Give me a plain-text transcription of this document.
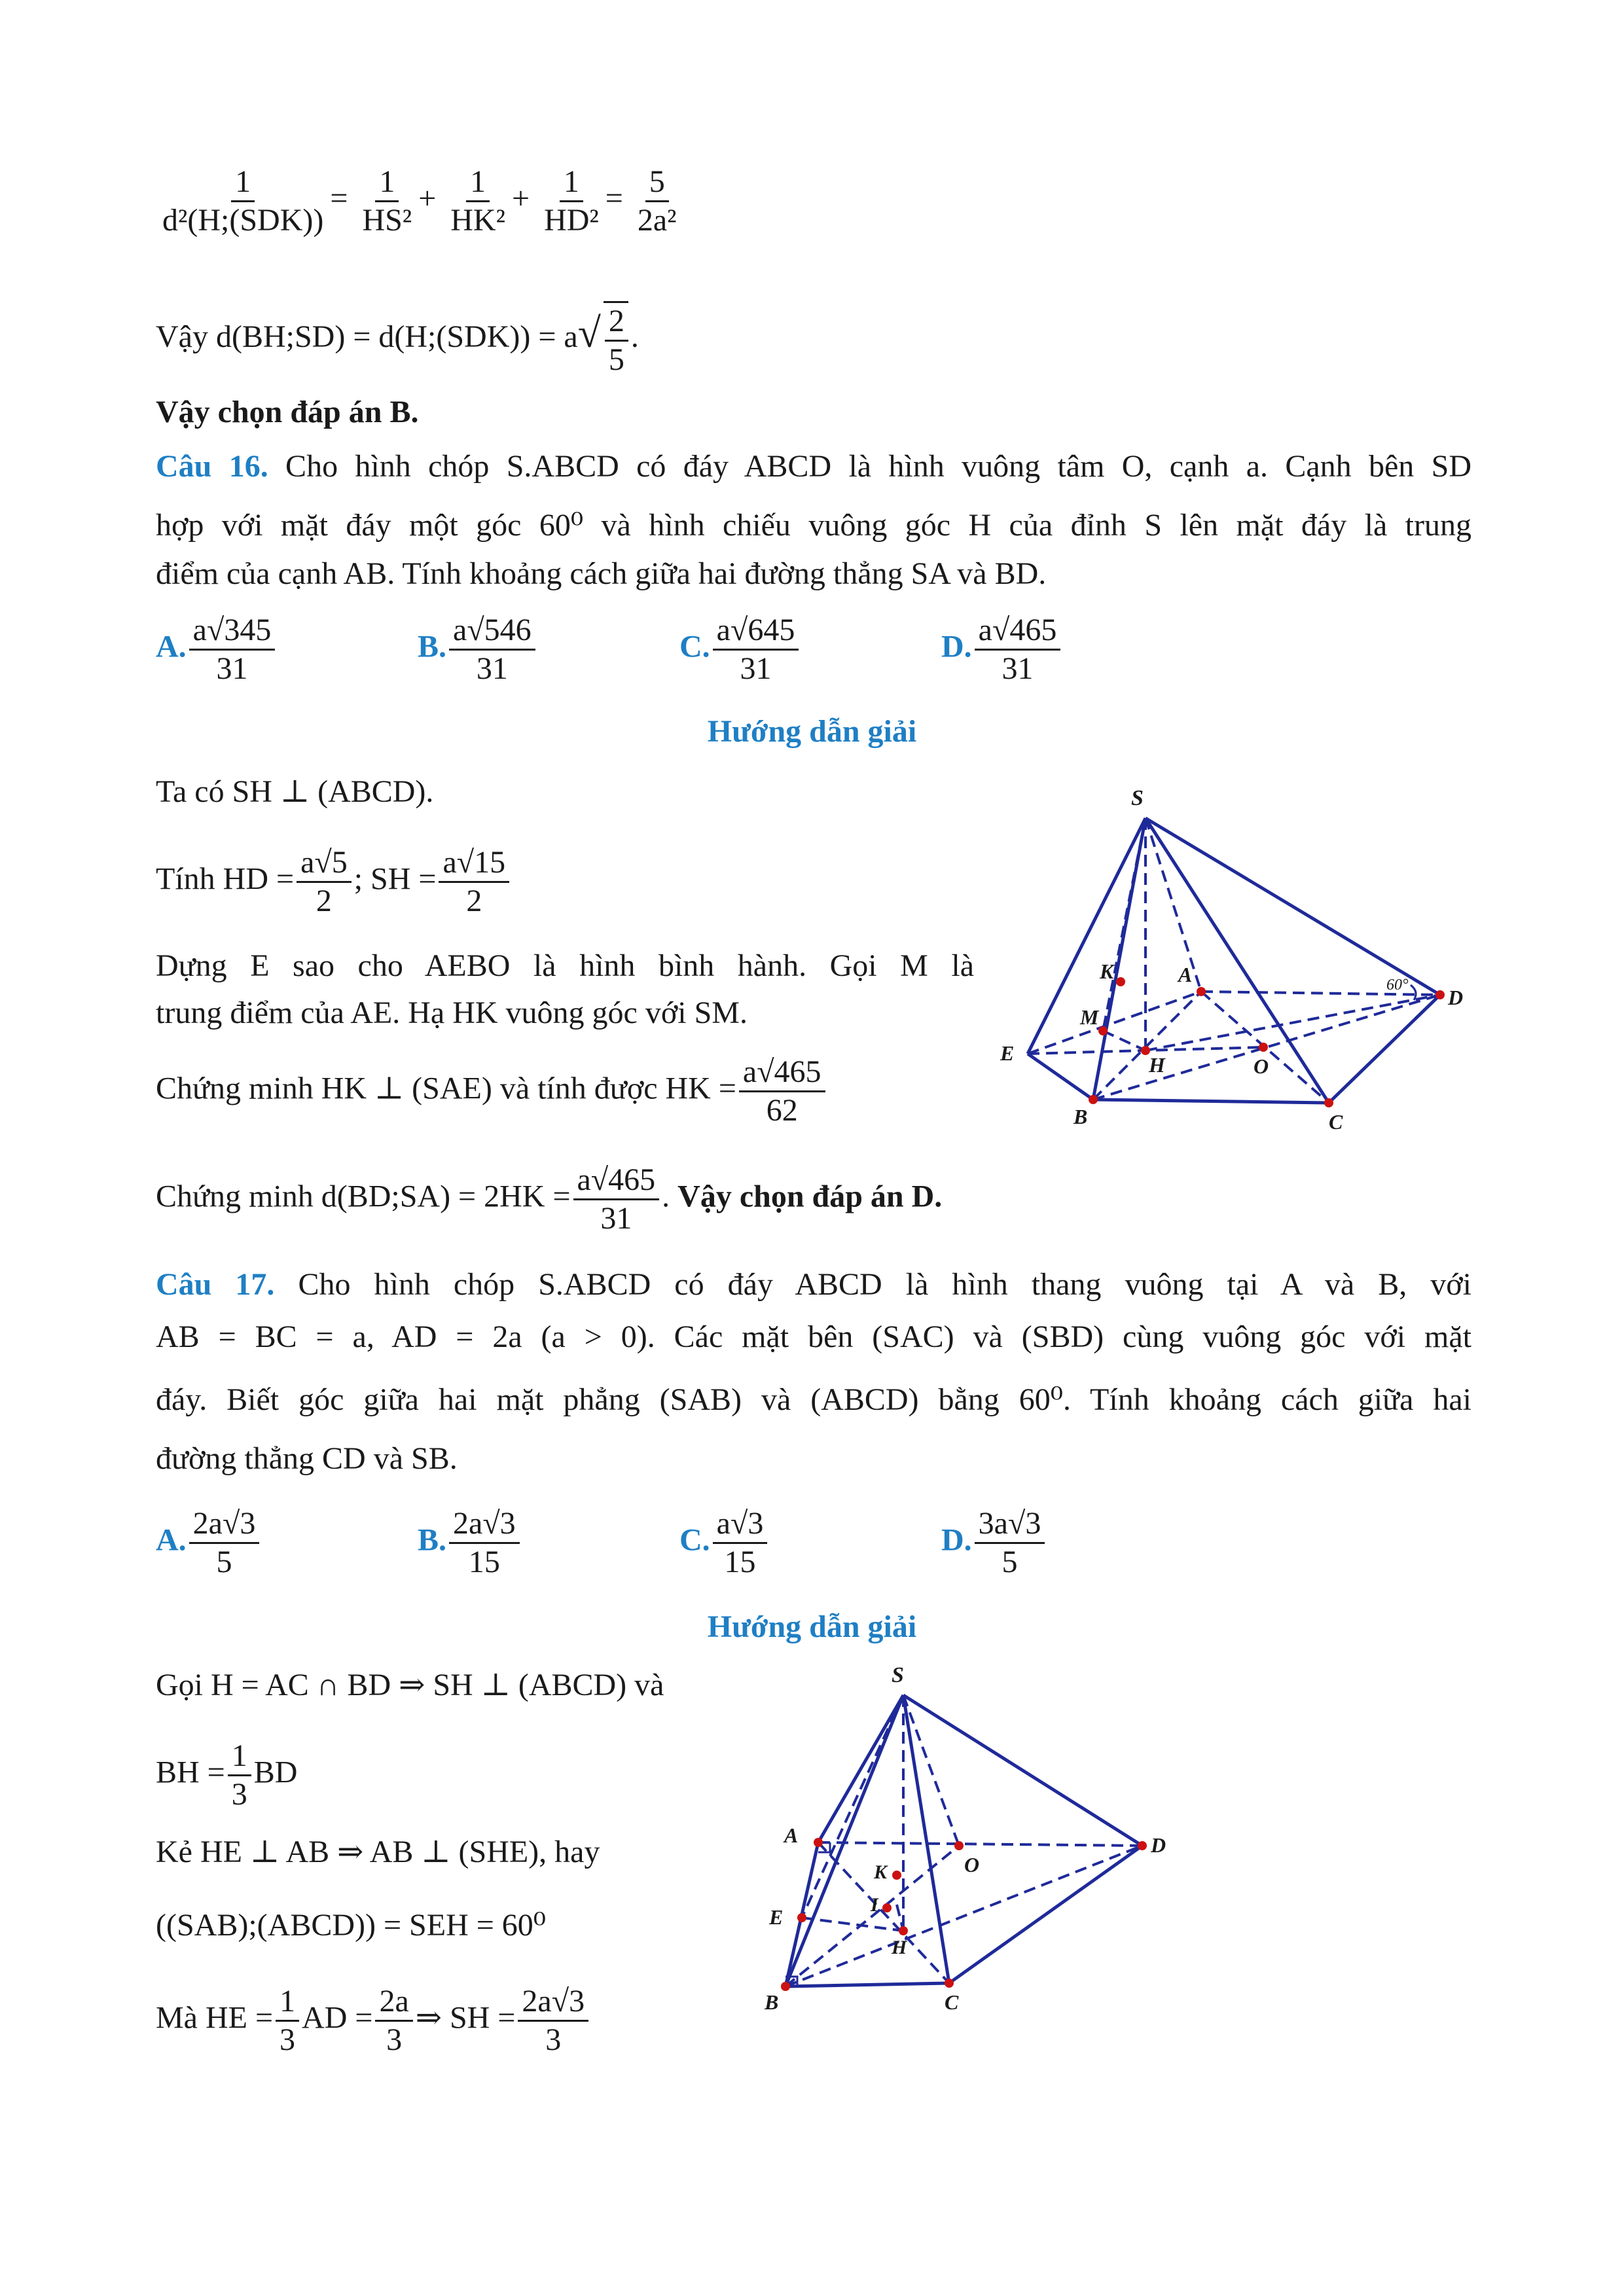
$\frac{1}{\text{d²(H;(SDK))}} = \frac{1}{\text{HS²}} + \frac{1}{\text{HK²}} + \frac{1}{\text{HD²}} = \frac{5}{\text{2a²}}$
Vậy d(BH;SD) = d(H;(SDK)) = $a√ \frac{2}{5}$ .
Vậy chọn đáp án B.
Câu 16. Cho hình chóp S.ABCD có đáy ABCD là hình vuông tâm O, cạnh a. Cạnh bên SD
hợp với mặt đáy một góc 60⁰ và hình chiếu vuông góc H của đỉnh S lên mặt đáy là trung
điểm của cạnh AB. Tính khoảng cách giữa hai đường thẳng SA và BD.
A. $\frac{a√345}{31}$	B. $\frac{a√546}{31}$	C. $\frac{a√645}{31}$	D. $\frac{a√465}{31}$
Hướng dẫn giải
Ta có SH ⊥ (ABCD).
Tính HD = $\frac{a√5}{2}$ ; SH = $\frac{a√15}{2}$
Dựng E sao cho AEBO là hình bình hành. Gọi M là
trung điểm của AE. Hạ HK vuông góc với SM.
Chứng minh HK ⊥ (SAE) và tính được HK = $\frac{a√465}{62}$
Chứng minh d(BD;SA) = $2HK = \frac{a√465}{31}$ . Vậy chọn đáp án D.
S
K	A
M
E	H	O
B	C
D
60°
Câu 17. Cho hình chóp S.ABCD có đáy ABCD là hình thang vuông tại A và B, với
AB = BC = a, AD = 2a (a > 0). Các mặt bên (SAC) và (SBD) cùng vuông góc với mặt
đáy. Biết góc giữa hai mặt phẳng (SAB) và (ABCD) bằng 60⁰. Tính khoảng cách giữa hai
đường thẳng CD và SB.
A. $\frac{2a√3}{5}$	B. $\frac{2a√3}{15}$	C. $\frac{a√3}{15}$	D. $\frac{3a√3}{5}$
Hướng dẫn giải
Gọi H = AC ∩ BD ⇒ SH ⊥ (ABCD) và
BH = $\frac{1}{3}$ BD
Kẻ HE ⊥ AB ⇒ AB ⊥ (SHE), hay
((SAB);(ABCD)) = SEH = 60⁰
Mà HE = $\frac{1}{3}$ AD = $\frac{2a}{3}$ ⇒ SH = $\frac{2a√3}{3}$
S
A	D
O
K
I
E
H
B	C
